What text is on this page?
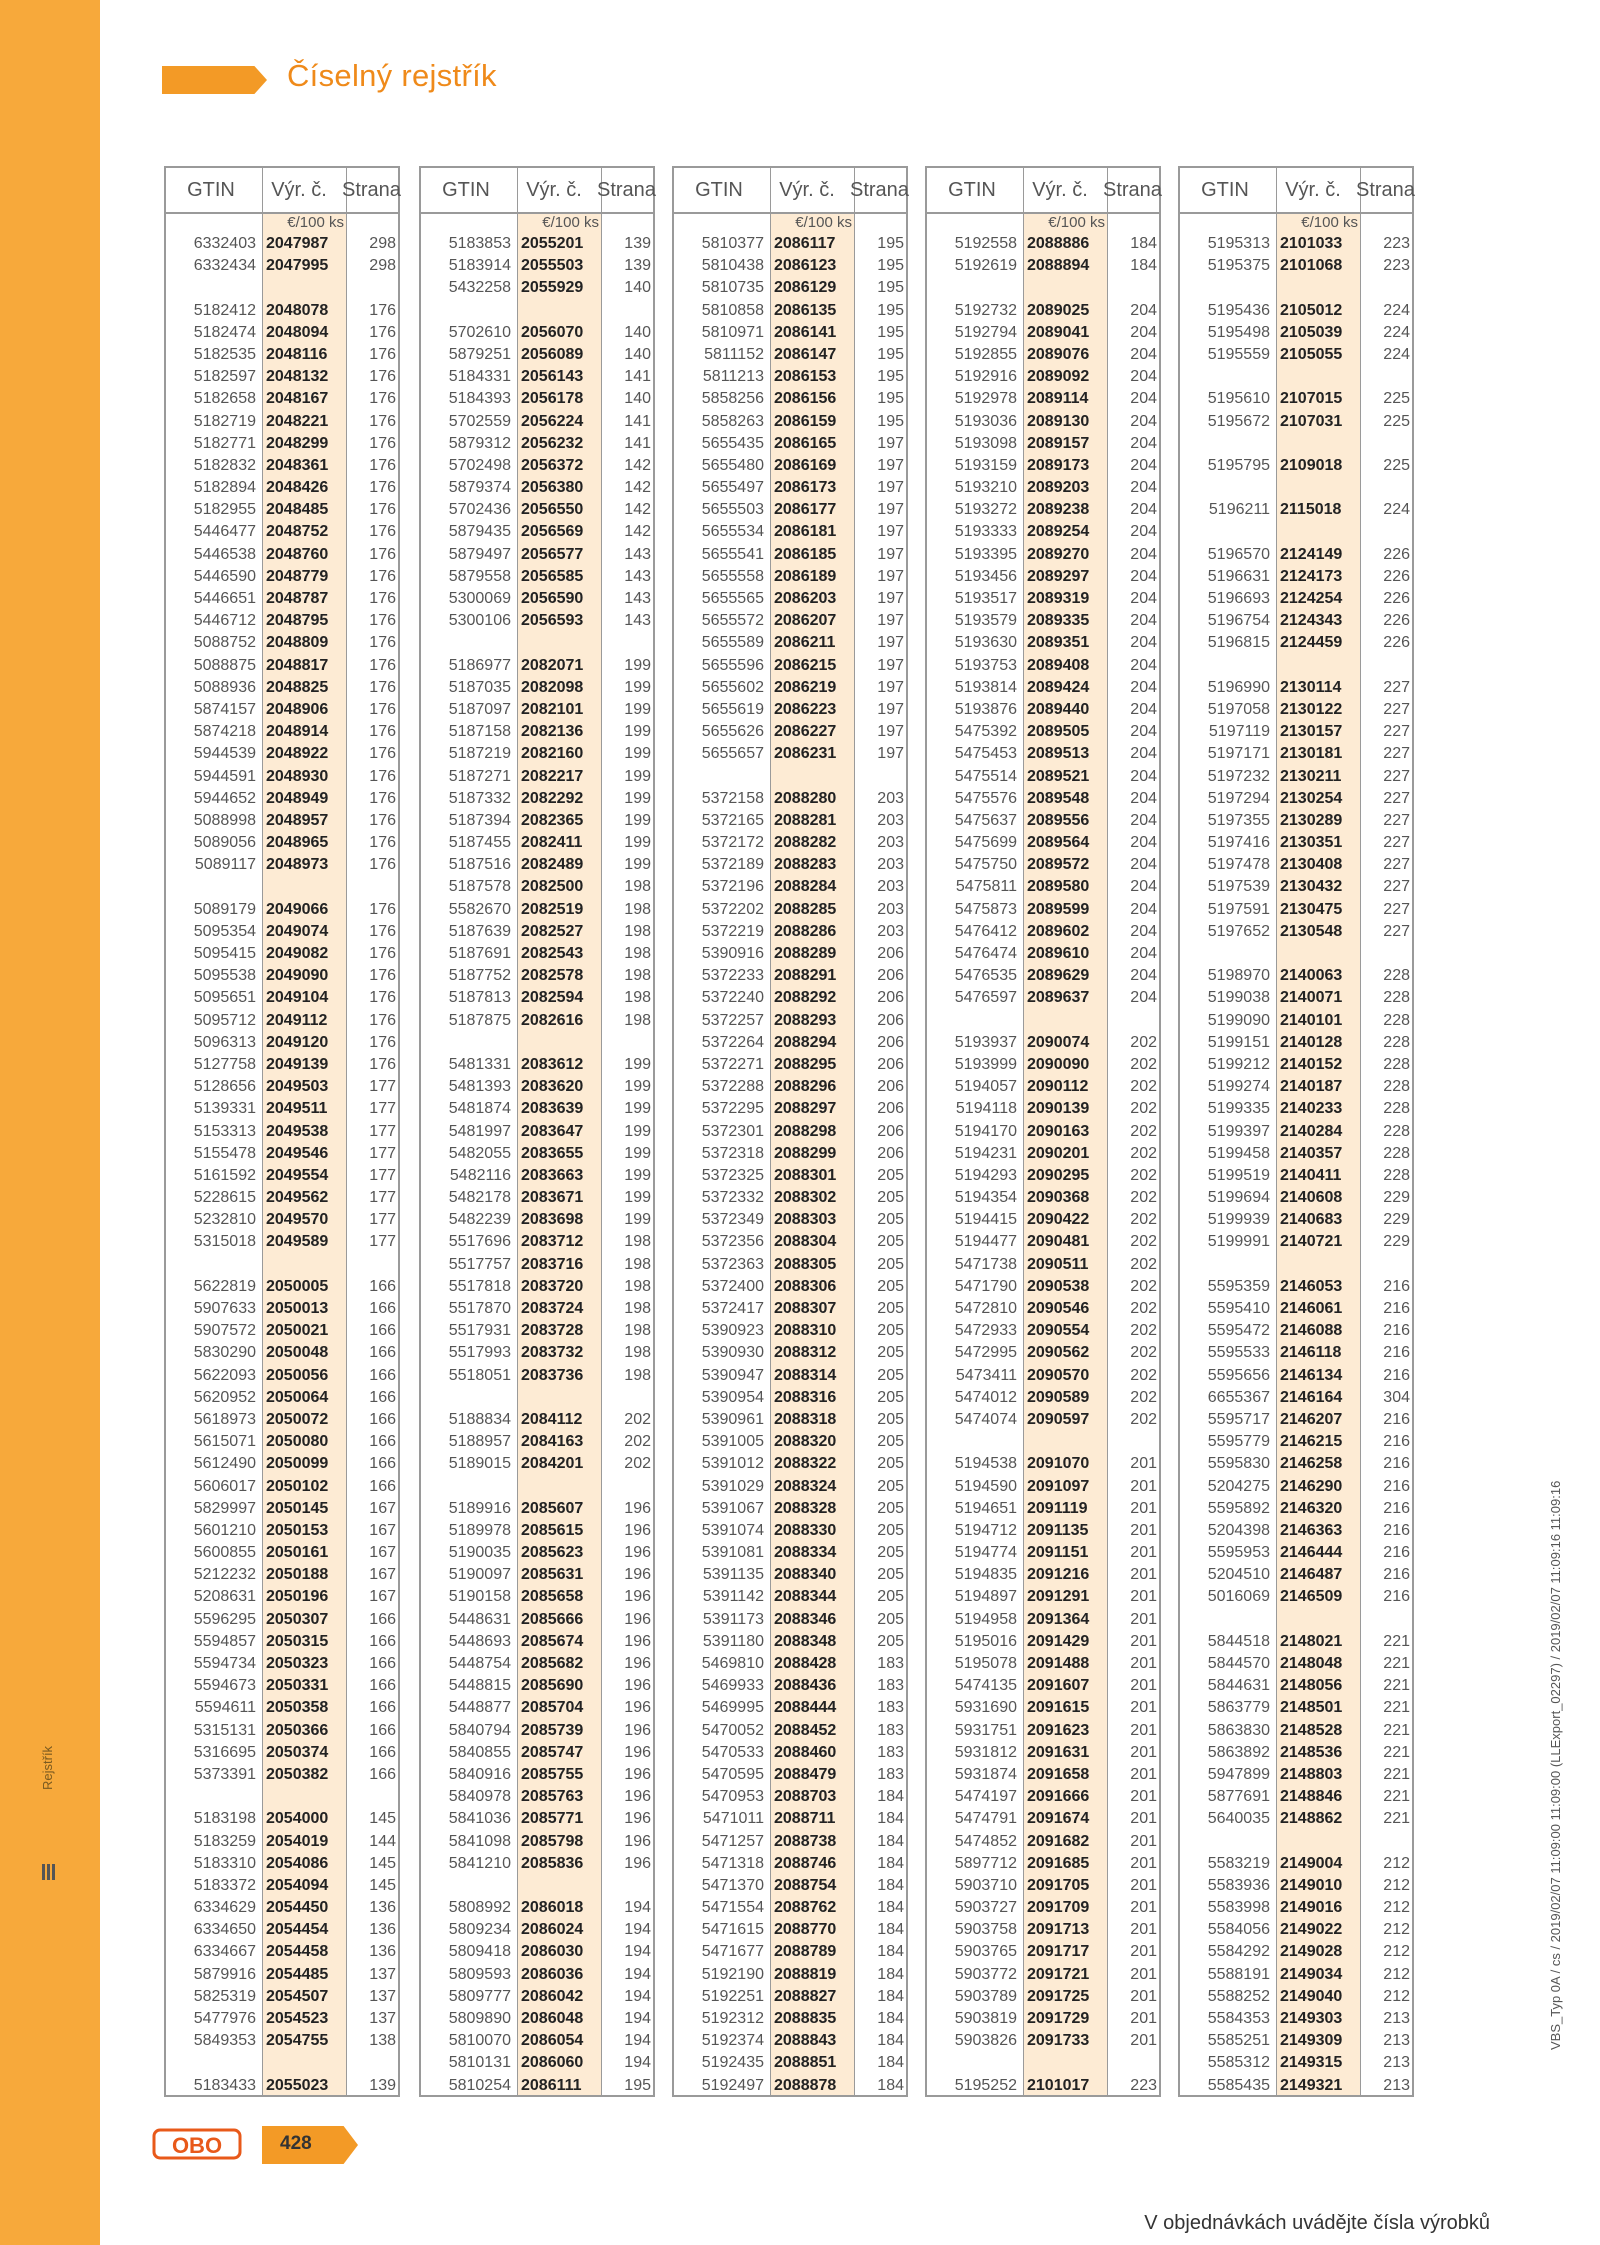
Rejstřík
Číselný rejstřík
GTIN	Výr. č. Strana
€/100 ks
6332403 2047987	298
6332434 2047995	298
5182412 2048078	176
5182474 2048094	176
5182535 2048116	176
5182597 2048132	176
5182658 2048167	176
5182719 2048221	176
5182771 2048299	176
5182832 2048361	176
5182894 2048426	176
5182955 2048485	176
5446477 2048752	176
5446538 2048760	176
5446590 2048779	176
5446651 2048787	176
5446712 2048795	176
5088752 2048809	176
5088875 2048817	176
5088936 2048825	176
5874157 2048906	176
5874218 2048914	176
5944539 2048922	176
5944591 2048930	176
5944652 2048949	176
5088998 2048957	176
5089056 2048965	176
5089117 2048973	176
5089179 2049066	176
5095354 2049074	176
5095415 2049082	176
5095538 2049090	176
5095651 2049104	176
5095712 2049112	176
5096313 2049120	176
5127758 2049139	176
5128656 2049503	177
5139331 2049511	177
5153313 2049538	177
5155478 2049546	177
5161592 2049554	177
5228615 2049562	177
5232810 2049570	177
5315018 2049589	177
5622819 2050005	166
5907633 2050013	166
5907572 2050021	166
5830290 2050048	166
5622093 2050056	166
5620952 2050064	166
5618973 2050072	166
5615071 2050080	166
5612490 2050099	166
5606017 2050102	166
5829997 2050145	167
5601210 2050153	167
5600855 2050161	167
5212232 2050188	167
5208631 2050196	167
5596295 2050307	166
5594857 2050315	166
5594734 2050323	166
5594673 2050331	166
5594611 2050358	166
5315131 2050366	166
5316695 2050374	166
5373391 2050382	166
5183198 2054000	145
5183259 2054019	144
5183310 2054086	145
5183372 2054094	145
6334629 2054450	136
6334650 2054454	136
6334667 2054458	136
5879916 2054485	137
5825319 2054507	137
5477976 2054523	137
5849353 2054755	138
5183433 2055023	139
GTIN	Výr. č. Strana
€/100 ks
5183853 2055201	139
5183914 2055503	139
5432258 2055929	140
5702610 2056070	140
5879251 2056089	140
5184331 2056143	141
5184393 2056178	140
5702559 2056224	141
5879312 2056232	141
5702498 2056372	142
5879374 2056380	142
5702436 2056550	142
5879435 2056569	142
5879497 2056577	143
5879558 2056585	143
5300069 2056590	143
5300106 2056593	143
5186977 2082071	199
5187035 2082098	199
5187097 2082101	199
5187158 2082136	199
5187219 2082160	199
5187271 2082217	199
5187332 2082292	199
5187394 2082365	199
5187455 2082411	199
5187516 2082489	199
5187578 2082500	198
5582670 2082519	198
5187639 2082527	198
5187691 2082543	198
5187752 2082578	198
5187813 2082594	198
5187875 2082616	198
5481331 2083612	199
5481393 2083620	199
5481874 2083639	199
5481997 2083647	199
5482055 2083655	199
5482116 2083663	199
5482178 2083671	199
5482239 2083698	199
5517696 2083712	198
5517757 2083716	198
5517818 2083720	198
5517870 2083724	198
5517931 2083728	198
5517993 2083732	198
5518051 2083736	198
5188834 2084112	202
5188957 2084163	202
5189015 2084201	202
5189916 2085607	196
5189978 2085615	196
5190035 2085623	196
5190097 2085631	196
5190158 2085658	196
5448631 2085666	196
5448693 2085674	196
5448754 2085682	196
5448815 2085690	196
5448877 2085704	196
5840794 2085739	196
5840855 2085747	196
5840916 2085755	196
5840978 2085763	196
5841036 2085771	196
5841098 2085798	196
5841210 2085836	196
5808992 2086018	194
5809234 2086024	194
5809418 2086030	194
5809593 2086036	194
5809777 2086042	194
5809890 2086048	194
5810070 2086054	194
5810131 2086060	194
5810254 2086111	195
GTIN	Výr. č. Strana
€/100 ks
5810377 2086117	195
5810438 2086123	195
5810735 2086129	195
5810858 2086135	195
5810971 2086141	195
5811152 2086147	195
5811213 2086153	195
5858256 2086156	195
5858263 2086159	195
5655435 2086165	197
5655480 2086169	197
5655497 2086173	197
5655503 2086177	197
5655534 2086181	197
5655541 2086185	197
5655558 2086189	197
5655565 2086203	197
5655572 2086207	197
5655589 2086211	197
5655596 2086215	197
5655602 2086219	197
5655619 2086223	197
5655626 2086227	197
5655657 2086231	197
5372158 2088280	203
5372165 2088281	203
5372172 2088282	203
5372189 2088283	203
5372196 2088284	203
5372202 2088285	203
5372219 2088286	203
5390916 2088289	206
5372233 2088291	206
5372240 2088292	206
5372257 2088293	206
5372264 2088294	206
5372271 2088295	206
5372288 2088296	206
5372295 2088297	206
5372301 2088298	206
5372318 2088299	206
5372325 2088301	205
5372332 2088302	205
5372349 2088303	205
5372356 2088304	205
5372363 2088305	205
5372400 2088306	205
5372417 2088307	205
5390923 2088310	205
5390930 2088312	205
5390947 2088314	205
5390954 2088316	205
5390961 2088318	205
5391005 2088320	205
5391012 2088322	205
5391029 2088324	205
5391067 2088328	205
5391074 2088330	205
5391081 2088334	205
5391135 2088340	205
5391142 2088344	205
5391173 2088346	205
5391180 2088348	205
5469810 2088428	183
5469933 2088436	183
5469995 2088444	183
5470052 2088452	183
5470533 2088460	183
5470595 2088479	183
5470953 2088703	184
5471011 2088711	184
5471257 2088738	184
5471318 2088746	184
5471370 2088754	184
5471554 2088762	184
5471615 2088770	184
5471677 2088789	184
5192190 2088819	184
5192251 2088827	184
5192312 2088835	184
5192374 2088843	184
5192435 2088851	184
5192497 2088878	184
GTIN	Výr. č. Strana
€/100 ks
5192558 2088886	184
5192619 2088894	184
5192732 2089025	204
5192794 2089041	204
5192855 2089076	204
5192916 2089092	204
5192978 2089114	204
5193036 2089130	204
5193098 2089157	204
5193159 2089173	204
5193210 2089203	204
5193272 2089238	204
5193333 2089254	204
5193395 2089270	204
5193456 2089297	204
5193517 2089319	204
5193579 2089335	204
5193630 2089351	204
5193753 2089408	204
5193814 2089424	204
5193876 2089440	204
5475392 2089505	204
5475453 2089513	204
5475514 2089521	204
5475576 2089548	204
5475637 2089556	204
5475699 2089564	204
5475750 2089572	204
5475811 2089580	204
5475873 2089599	204
5476412 2089602	204
5476474 2089610	204
5476535 2089629	204
5476597 2089637	204
5193937 2090074	202
5193999 2090090	202
5194057 2090112	202
5194118 2090139	202
5194170 2090163	202
5194231 2090201	202
5194293 2090295	202
5194354 2090368	202
5194415 2090422	202
5194477 2090481	202
5471738 2090511	202
5471790 2090538	202
5472810 2090546	202
5472933 2090554	202
5472995 2090562	202
5473411 2090570	202
5474012 2090589	202
5474074 2090597	202
5194538 2091070	201
5194590 2091097	201
5194651 2091119	201
5194712 2091135	201
5194774 2091151	201
5194835 2091216	201
5194897 2091291	201
5194958 2091364	201
5195016 2091429	201
5195078 2091488	201
5474135 2091607	201
5931690 2091615	201
5931751 2091623	201
5931812 2091631	201
5931874 2091658	201
5474197 2091666	201
5474791 2091674	201
5474852 2091682	201
5897712 2091685	201
5903710 2091705	201
5903727 2091709	201
5903758 2091713	201
5903765 2091717	201
5903772 2091721	201
5903789 2091725	201
5903819 2091729	201
5903826 2091733	201
5195252 2101017	223
GTIN	Výr. č. Strana
€/100 ks
5195313 2101033	223
5195375 2101068	223
5195436 2105012	224
5195498 2105039	224
5195559 2105055	224
5195610 2107015	225
5195672 2107031	225
5195795 2109018	225
5196211 2115018	224
5196570 2124149	226
5196631 2124173	226
5196693 2124254	226
5196754 2124343	226
5196815 2124459	226
5196990 2130114	227
5197058 2130122	227
5197119 2130157	227
5197171 2130181	227
5197232 2130211	227
5197294 2130254	227
5197355 2130289	227
5197416 2130351	227
5197478 2130408	227
5197539 2130432	227
5197591 2130475	227
5197652 2130548	227
5198970 2140063	228
5199038 2140071	228
5199090 2140101	228
5199151 2140128	228
5199212 2140152	228
5199274 2140187	228
5199335 2140233	228
5199397 2140284	228
5199458 2140357	228
5199519 2140411	228
5199694 2140608	229
5199939 2140683	229
5199991 2140721	229
5595359 2146053	216
5595410 2146061	216
5595472 2146088	216
5595533 2146118	216
5595656 2146134	216
6655367 2146164	304
5595717 2146207	216
5595779 2146215	216
5595830 2146258	216
5204275 2146290	216
5595892 2146320	216
5204398 2146363	216
5595953 2146444	216
5204510 2146487	216
5016069 2146509	216
5844518 2148021	221
5844570 2148048	221
5844631 2148056	221
5863779 2148501	221
5863830 2148528	221
5863892 2148536	221
5947899 2148803	221
5877691 2148846	221
5640035 2148862	221
5583219 2149004	212
5583936 2149010	212
5583998 2149016	212
5584056 2149022	212
5584292 2149028	212
5588191 2149034	212
5588252 2149040	212
5584353 2149303	213
5585251 2149309	213
5585312 2149315	213
5585435 2149321	213
OBO	428
V objednávkách uvádějte čísla výrobků
VBS_Typ 0A / cs / 2019/02/07 11:09:00 11:09:00 (LLExport_02297) / 2019/02/07 11:09:16 11:09:16
